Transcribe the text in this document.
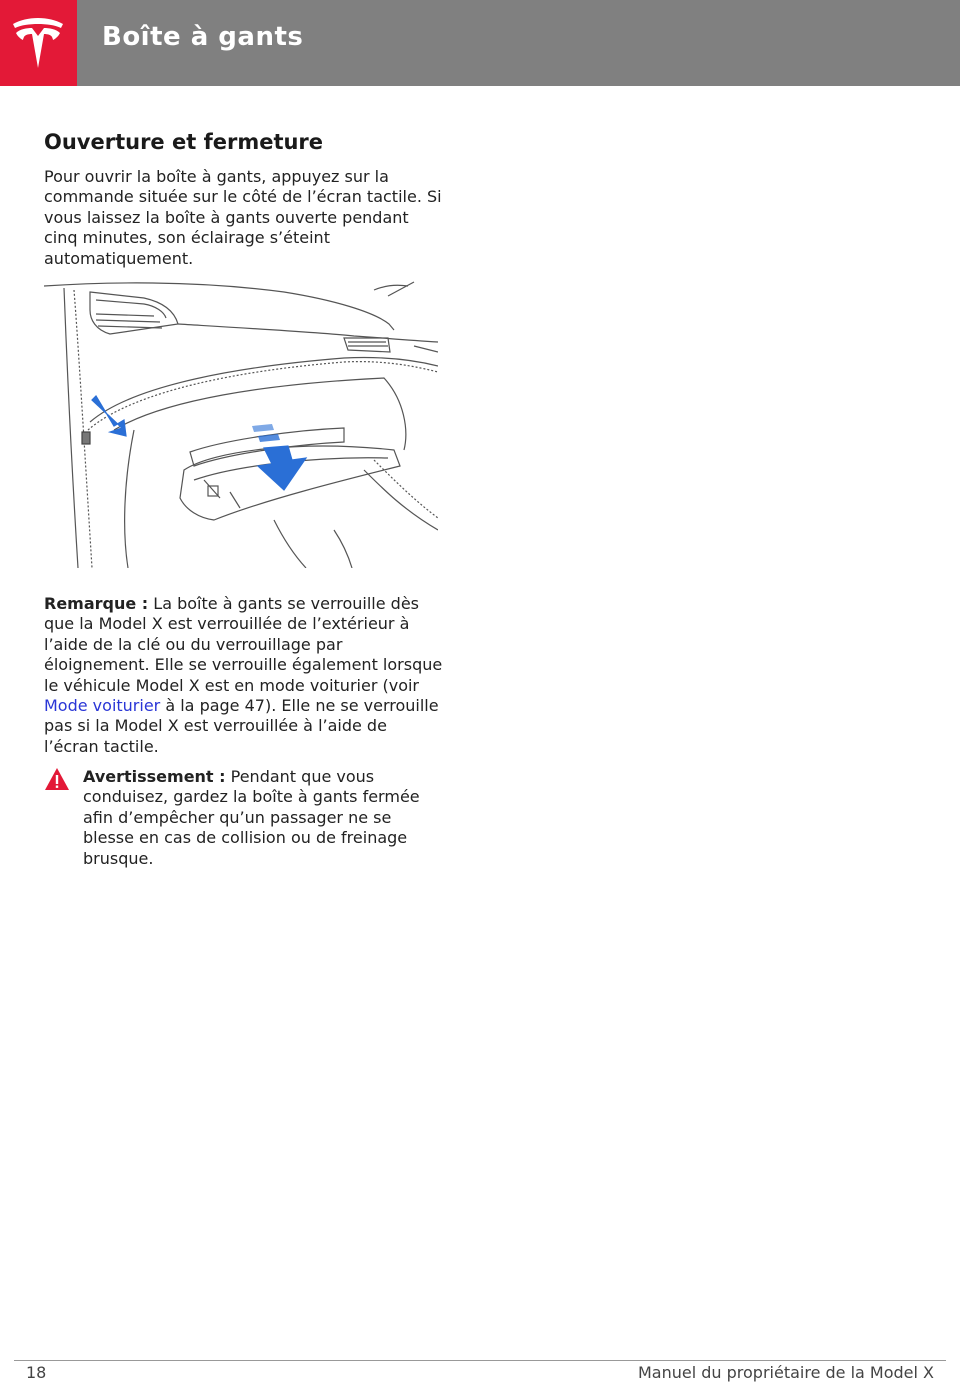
Boîte à gants
Ouverture et fermeture
Pour ouvrir la boîte à gants, appuyez sur la commande située sur le côté de l’écran tactile. Si vous laissez la boîte à gants ouverte pendant cinq minutes, son éclairage s’éteint automatiquement.
Remarque : La boîte à gants se verrouille dès que la Model X est verrouillée de l’extérieur à l’aide de la clé ou du verrouillage par éloignement. Elle se verrouille également lorsque le véhicule Model X est en mode voiturier (voir Mode voiturier à la page 47). Elle ne se verrouille pas si la Model X est verrouillée à l’aide de l’écran tactile.
Avertissement : Pendant que vous conduisez, gardez la boîte à gants fermée afin d’empêcher qu’un passager ne se blesse en cas de collision ou de freinage brusque.
18	Manuel du propriétaire de la Model X
